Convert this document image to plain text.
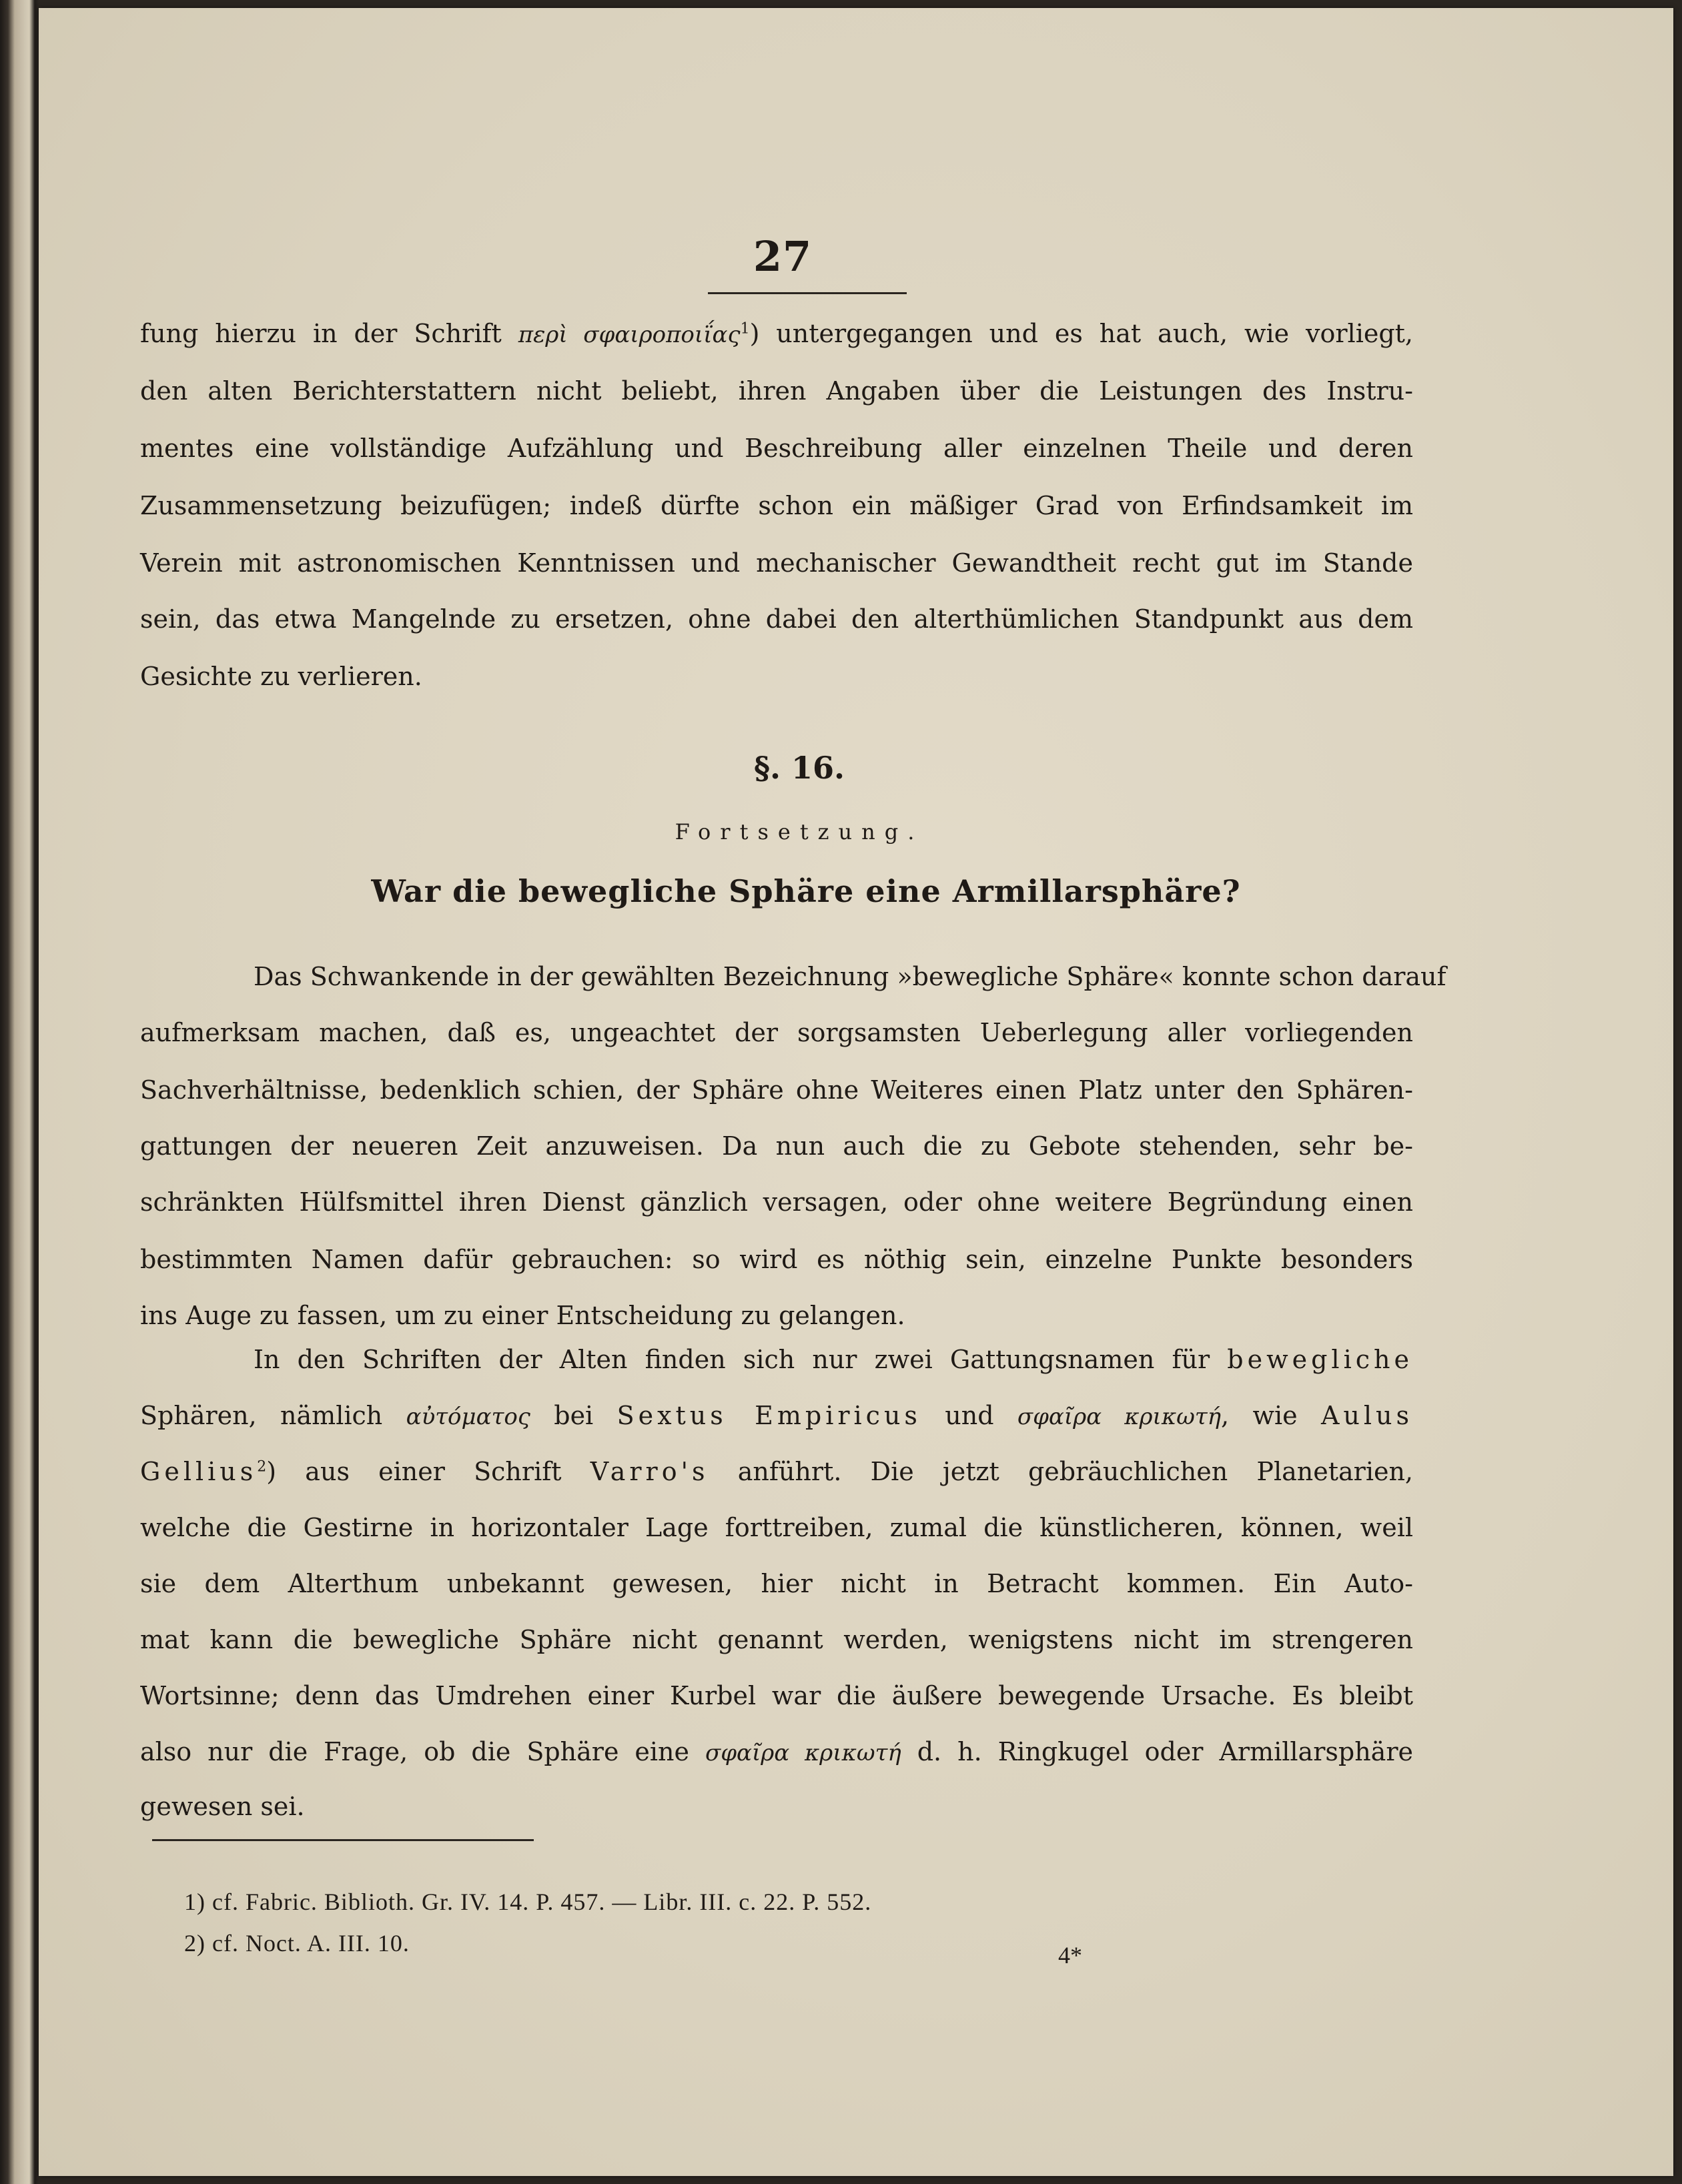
27

fung hierzu in der Schrift περὶ σφαιροποιΐας$^1$) untergegangen und es hat auch, wie vorliegt,

den alten Berichterstattern nicht beliebt, ihren Angaben über die Leistungen des Instru-

mentes eine vollständige Aufzählung und Beschreibung aller einzelnen Theile und deren

Zusammensetzung beizufügen; indeß dürfte schon ein mäßiger Grad von Erfindsamkeit im

Verein mit astronomischen Kenntnissen und mechanischer Gewandtheit recht gut im Stande

sein, das etwa Mangelnde zu ersetzen, ohne dabei den alterthümlichen Standpunkt aus dem

Gesichte zu verlieren.

§. 16.
Fortsetzung.
War die bewegliche Sphäre eine Armillarsphäre?

Das Schwankende in der gewählten Bezeichnung »bewegliche Sphäre« konnte schon darauf

aufmerksam machen, daß es, ungeachtet der sorgsamsten Ueberlegung aller vorliegenden

Sachverhältnisse, bedenklich schien, der Sphäre ohne Weiteres einen Platz unter den Sphären-

gattungen der neueren Zeit anzuweisen. Da nun auch die zu Gebote stehenden, sehr be-

schränkten Hülfsmittel ihren Dienst gänzlich versagen, oder ohne weitere Begründung einen

bestimmten Namen dafür gebrauchen: so wird es nöthig sein, einzelne Punkte besonders

ins Auge zu fassen, um zu einer Entscheidung zu gelangen.

In den Schriften der Alten finden sich nur zwei Gattungsnamen für bewegliche

Sphären, nämlich αὐτόματος bei Sextus Empiricus und σφαῖρα κρικωτή, wie Aulus

Gellius$^2$) aus einer Schrift Varro's anführt. Die jetzt gebräuchlichen Planetarien,

welche die Gestirne in horizontaler Lage forttreiben, zumal die künstlicheren, können, weil

sie dem Alterthum unbekannt gewesen, hier nicht in Betracht kommen. Ein Auto-

mat kann die bewegliche Sphäre nicht genannt werden, wenigstens nicht im strengeren

Wortsinne; denn das Umdrehen einer Kurbel war die äußere bewegende Ursache. Es bleibt

also nur die Frage, ob die Sphäre eine σφαῖρα κρικωτή d. h. Ringkugel oder Armillarsphäre

gewesen sei.

1) cf. Fabric. Biblioth. Gr. IV. 14. P. 457. — Libr. III. c. 22. P. 552.

2) cf. Noct. A. III. 10.	4*
